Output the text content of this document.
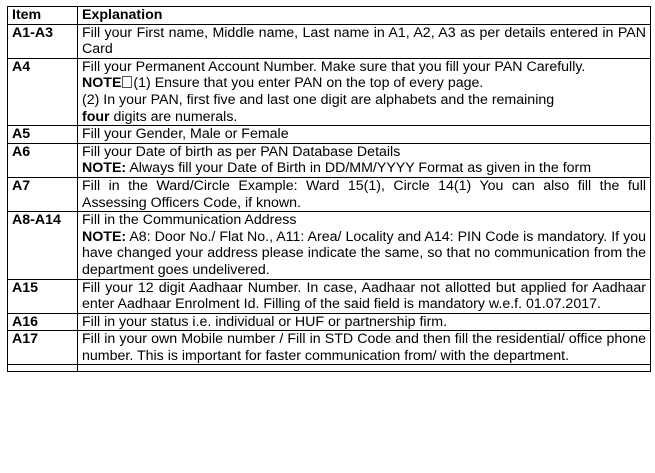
Item	Explanation
A1-A3	Fill your First name, Middle name, Last name in A1, A2, A3 as per details entered in PAN Card
A4	Fill your Permanent Account Number. Make sure that you fill your PAN Carefully.
NOTE (1) Ensure that you enter PAN on the top of every page.
(2) In your PAN, first five and last one digit are alphabets and the remaining
four digits are numerals.

A5	Fill your Gender, Male or Female
A6	Fill your Date of birth as per PAN Database Details
NOTE: Always fill your Date of Birth in DD/MM/YYYY Format as given in the form

A7	Fill in the Ward/Circle Example: Ward 15(1), Circle 14(1) You can also fill the full Assessing Officers Code, if known.
A8-A14	Fill in the Communication Address
NOTE: A8: Door No./ Flat No., A11: Area/ Locality and A14: PIN Code is mandatory. If you have changed your address please indicate the same, so that no communication from the department goes undelivered.

A15	Fill your 12 digit Aadhaar Number. In case, Aadhaar not allotted but applied for Aadhaar enter Aadhaar Enrolment Id. Filling of the said field is mandatory w.e.f. 01.07.2017.
A16	Fill in your status i.e. individual or HUF or partnership firm.
A17	Fill in your own Mobile number / Fill in STD Code and then fill the residential/ office phone number. This is important for faster communication from/ with the department.
